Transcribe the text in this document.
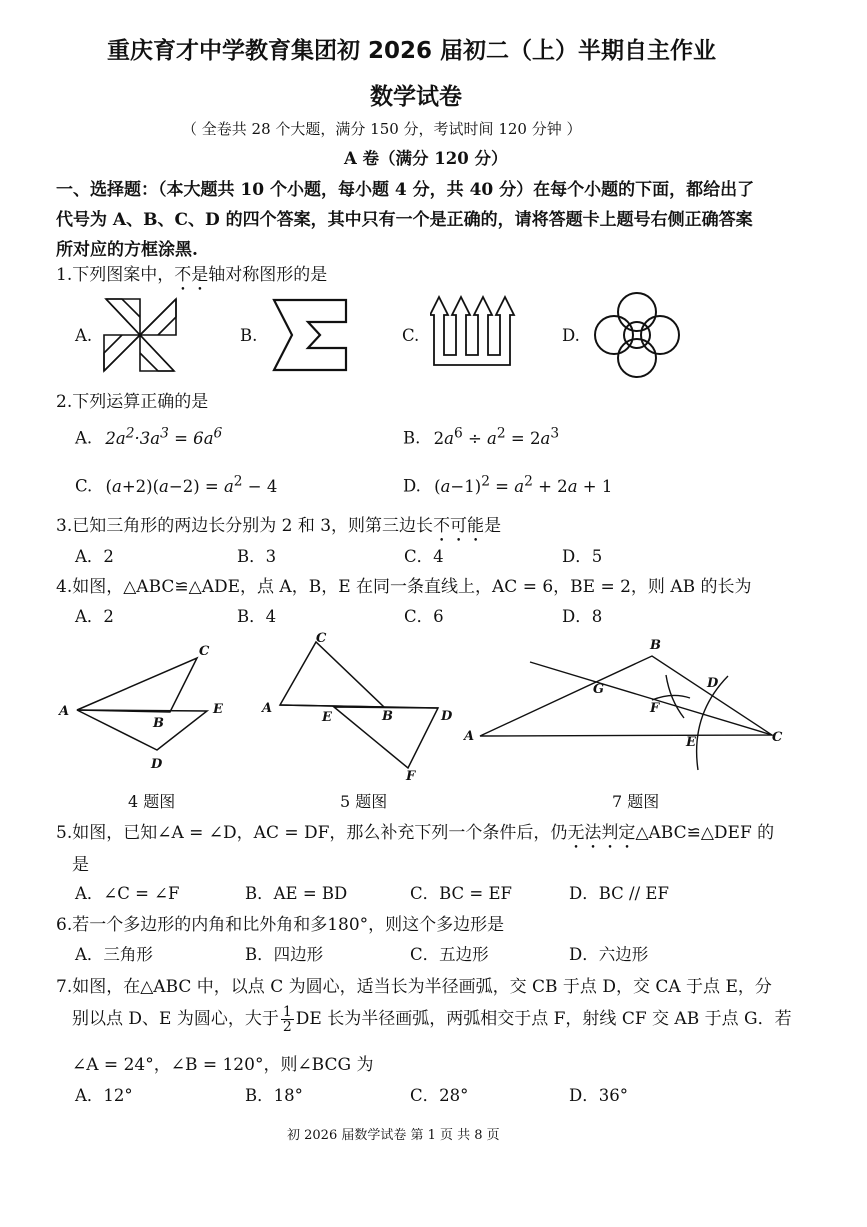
重庆育才中学教育集团初 2026 届初二（上）半期自主作业
数学试卷
（ 全卷共 28 个大题，满分 150 分，考试时间 120 分钟 ）
A 卷（满分 120 分）
一、选择题：（本大题共 10 个小题，每小题 4 分，共 40 分）在每个小题的下面，都给出了
代号为 A、B、C、D 的四个答案，其中只有一个是正确的，请将答题卡上题号右侧正确答案
所对应的方框涂黑.
1.下列图案中，不是轴对称图形的是
A.	B.	C.	D.
2.下列运算正确的是
A. $2a^2\cdot 3a^3 = 6a^6$	B. $2a^6 \div a^2 = 2a^3$
C. $(a+2)(a-2) = a^2 - 4$	D. $(a-1)^2 = a^2 + 2a + 1$
3.已知三角形的两边长分别为 2 和 3，则第三边长不可能是
A．2	B．3	C．4	D．5
4.如图，△ABC≌△ADE，点 A，B，E 在同一条直线上，AC = 6，BE = 2，则 AB 的长为
A．2	B．4	C．6	D．8
A
B
C
D
E
4 题图
A
B
C
D
E
F
5 题图
A
B
C
D
E
F
G
7 题图
5.如图，已知∠A = ∠D，AC = DF，那么补充下列一个条件后，仍无法判定△ABC≌△DEF 的
是
A．∠C = ∠F	B．AE = BD	C．BC = EF	D．BC // EF
6.若一个多边形的内角和比外角和多180°，则这个多边形是
A．三角形	B．四边形	C．五边形	D．六边形
7.如图，在△ABC 中，以点 C 为圆心，适当长为半径画弧，交 CB 于点 D，交 CA 于点 E，分
别以点 D、E 为圆心，大于 $\frac{1}{2}$ DE 长为半径画弧，两弧相交于点 F，射线 CF 交 AB 于点 G．若
∠A = 24°，∠B = 120°，则∠BCG 为
A．12°	B．18°	C．28°	D．36°
初 2026 届数学试卷 第 1 页 共 8 页
